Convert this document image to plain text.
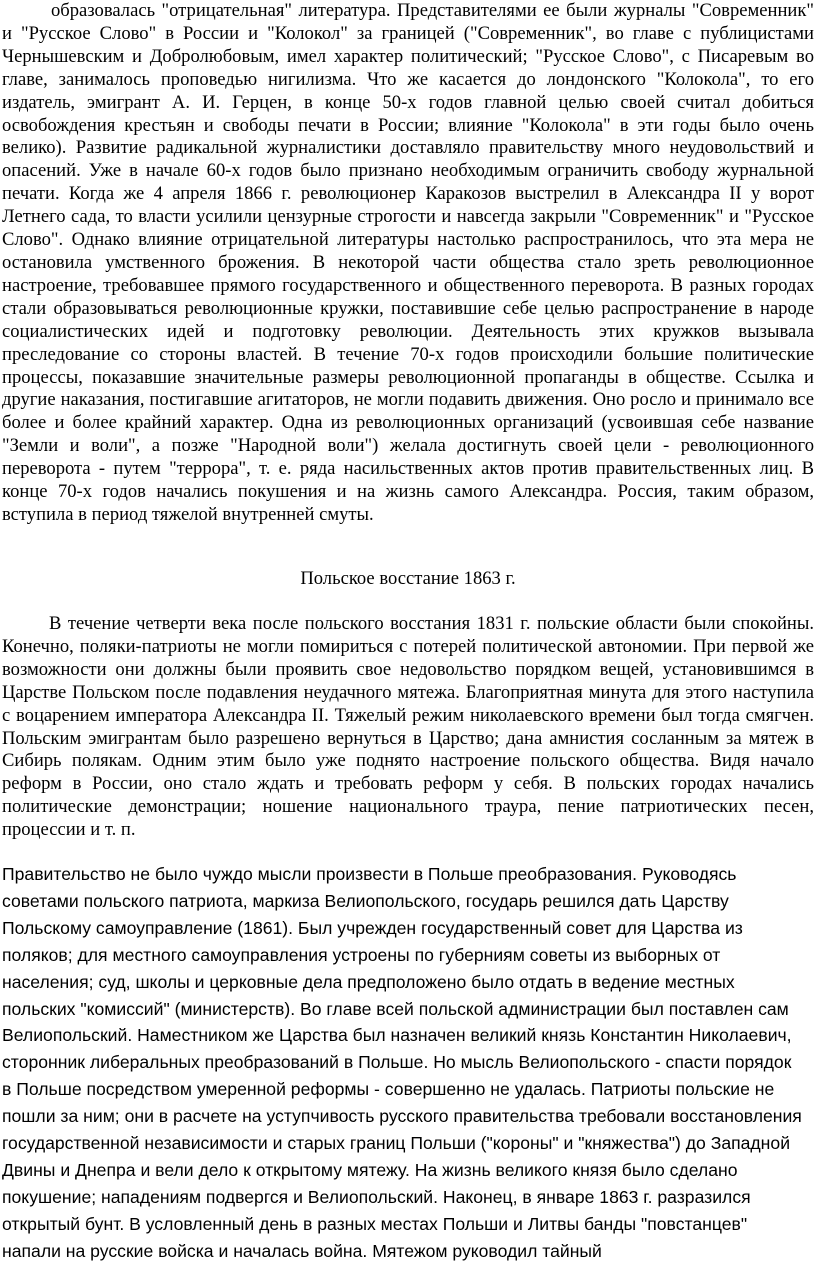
образовалась "отрицательная" литература. Представителями ее были журналы "Современник" и "Русское Слово" в России и "Колокол" за границей ("Современник", во главе с публицистами Чернышевским и Добролюбовым, имел характер политический; "Русское Слово", с Писаревым во главе, занималось проповедью нигилизма. Что же касается до лондонского "Колокола", то его издатель, эмигрант А. И. Герцен, в конце 50-х годов главной целью своей считал добиться освобождения крестьян и свободы печати в России; влияние "Колокола" в эти годы было очень велико). Развитие радикальной журналистики доставляло правительству много неудовольствий и опасений. Уже в начале 60-х годов было признано необходимым ограничить свободу журнальной печати. Когда же 4 апреля 1866 г. революционер Каракозов выстрелил в Александра II у ворот Летнего сада, то власти усилили цензурные строгости и навсегда закрыли "Современник" и "Русское Слово". Однако влияние отрицательной литературы настолько распространилось, что эта мера не остановила умственного брожения. В некоторой части общества стало зреть революционное настроение, требовавшее прямого государственного и общественного переворота. В разных городах стали образовываться революционные кружки, поставившие себе целью распространение в народе социалистических идей и подготовку революции. Деятельность этих кружков вызывала преследование со стороны властей. В течение 70-х годов происходили большие политические процессы, показавшие значительные размеры революционной пропаганды в обществе. Ссылка и другие наказания, постигавшие агитаторов, не могли подавить движения. Оно росло и принимало все более и более крайний характер. Одна из революционных организаций (усвоившая себе название "Земли и воли", а позже "Народной воли") желала достигнуть своей цели - революционного переворота - путем "террора", т. е. ряда насильственных актов против правительственных лиц. В конце 70-х годов начались покушения и на жизнь самого Александра. Россия, таким образом, вступила в период тяжелой внутренней смуты.

Польское восстание 1863 г.

В течение четверти века после польского восстания 1831 г. польские области были спокойны. Конечно, поляки-патриоты не могли помириться с потерей политической автономии. При первой же возможности они должны были проявить свое недовольство порядком вещей, установившимся в Царстве Польском после подавления неудачного мятежа. Благоприятная минута для этого наступила с воцарением императора Александра II. Тяжелый режим николаевского времени был тогда смягчен. Польским эмигрантам было разрешено вернуться в Царство; дана амнистия сосланным за мятеж в Сибирь полякам. Одним этим было уже поднято настроение польского общества. Видя начало реформ в России, оно стало ждать и требовать реформ у себя. В польских городах начались политические демонстрации; ношение национального траура, пение патриотических песен, процессии и т. п.

Правительство не было чуждо мысли произвести в Польше преобразования. Руководясь советами польского патриота, маркиза Велиопольского, государь решился дать Царству Польскому самоуправление (1861). Был учрежден государственный совет для Царства из поляков; для местного самоуправления устроены по губерниям советы из выборных от населения; суд, школы и церковные дела предположено было отдать в ведение местных польских "комиссий" (министерств). Во главе всей польской администрации был поставлен сам Велиопольский. Наместником же Царства был назначен великий князь Константин Николаевич, сторонник либеральных преобразований в Польше. Но мысль Велиопольского - спасти порядок в Польше посредством умеренной реформы - совершенно не удалась. Патриоты польские не пошли за ним; они в расчете на уступчивость русского правительства требовали восстановления государственной независимости и старых границ Польши ("короны" и "княжества") до Западной Двины и Днепра и вели дело к открытому мятежу. На жизнь великого князя было сделано покушение; нападениям подвергся и Велиопольский. Наконец, в январе 1863 г. разразился открытый бунт. В условленный день в разных местах Польши и Литвы банды "повстанцев" напали на русские войска и началась война. Мятежом руководил тайный
